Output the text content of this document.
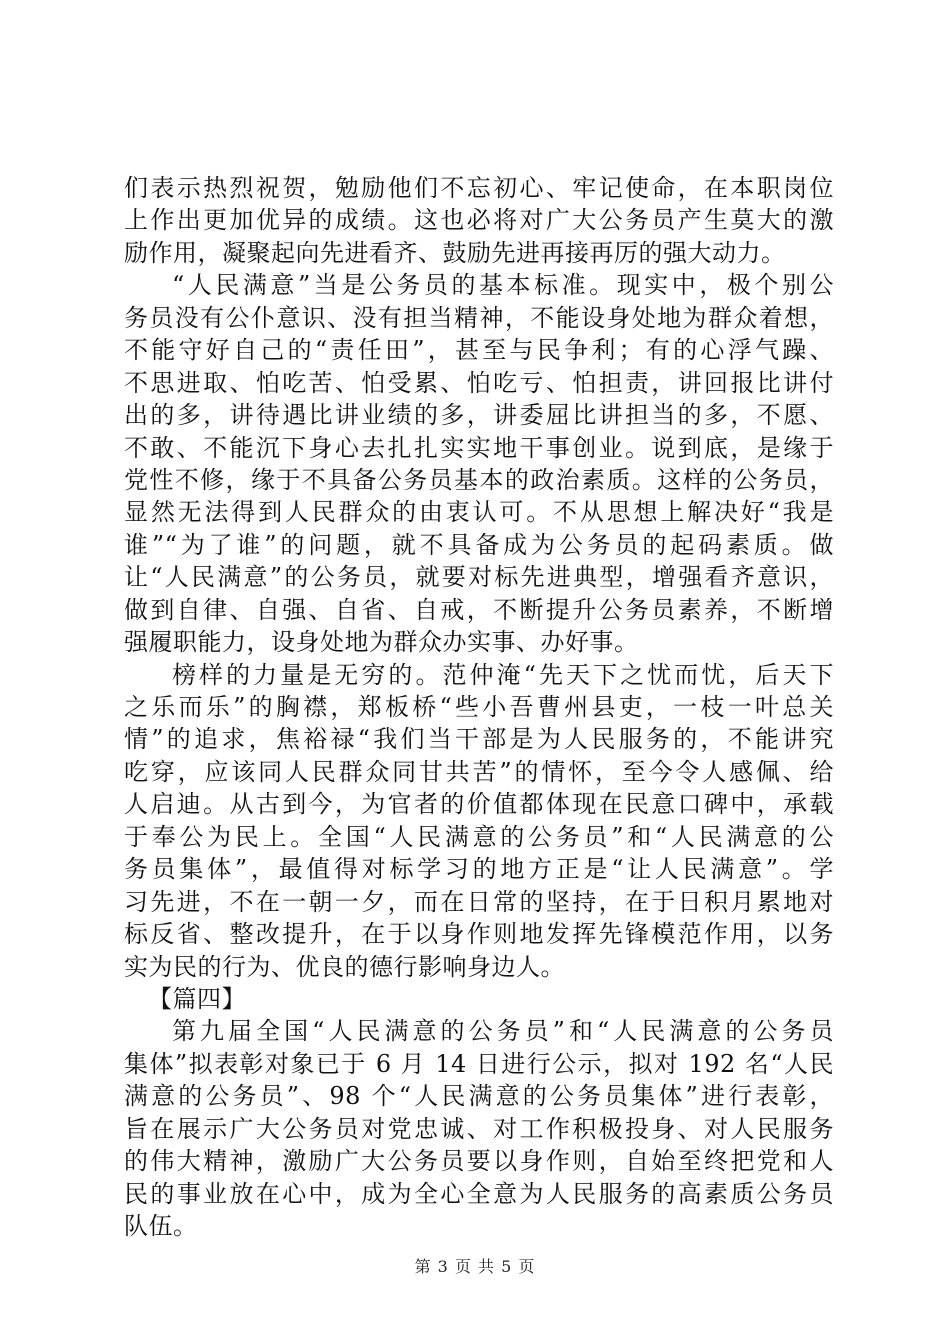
们表示热烈祝贺，勉励他们不忘初心、牢记使命，在本职岗位
上作出更加优异的成绩。这也必将对广大公务员产生莫大的激
励作用，凝聚起向先进看齐、鼓励先进再接再厉的强大动力。
“人民满意”当是公务员的基本标准。现实中，极个别公
务员没有公仆意识、没有担当精神，不能设身处地为群众着想，
不能守好自己的“责任田”，甚至与民争利；有的心浮气躁、
不思进取、怕吃苦、怕受累、怕吃亏、怕担责，讲回报比讲付
出的多，讲待遇比讲业绩的多，讲委屈比讲担当的多，不愿、
不敢、不能沉下身心去扎扎实实地干事创业。说到底，是缘于
党性不修，缘于不具备公务员基本的政治素质。这样的公务员，
显然无法得到人民群众的由衷认可。不从思想上解决好“我是
谁”“为了谁”的问题，就不具备成为公务员的起码素质。做
让“人民满意”的公务员，就要对标先进典型，增强看齐意识，
做到自律、自强、自省、自戒，不断提升公务员素养，不断增
强履职能力，设身处地为群众办实事、办好事。
榜样的力量是无穷的。范仲淹“先天下之忧而忧，后天下
之乐而乐”的胸襟，郑板桥“些小吾曹州县吏，一枝一叶总关
情”的追求，焦裕禄“我们当干部是为人民服务的，不能讲究
吃穿，应该同人民群众同甘共苦”的情怀，至今令人感佩、给
人启迪。从古到今，为官者的价值都体现在民意口碑中，承载
于奉公为民上。全国“人民满意的公务员”和“人民满意的公
务员集体”，最值得对标学习的地方正是“让人民满意”。学
习先进，不在一朝一夕，而在日常的坚持，在于日积月累地对
标反省、整改提升，在于以身作则地发挥先锋模范作用，以务
实为民的行为、优良的德行影响身边人。
【篇四】
第九届全国“人民满意的公务员”和“人民满意的公务员
集体”拟表彰对象已于 6 月 14 日进行公示，拟对 192 名“人民
满意的公务员”、98 个“人民满意的公务员集体”进行表彰，
旨在展示广大公务员对党忠诚、对工作积极投身、对人民服务
的伟大精神，激励广大公务员要以身作则，自始至终把党和人
民的事业放在心中，成为全心全意为人民服务的高素质公务员
队伍。
第 3 页 共 5 页
